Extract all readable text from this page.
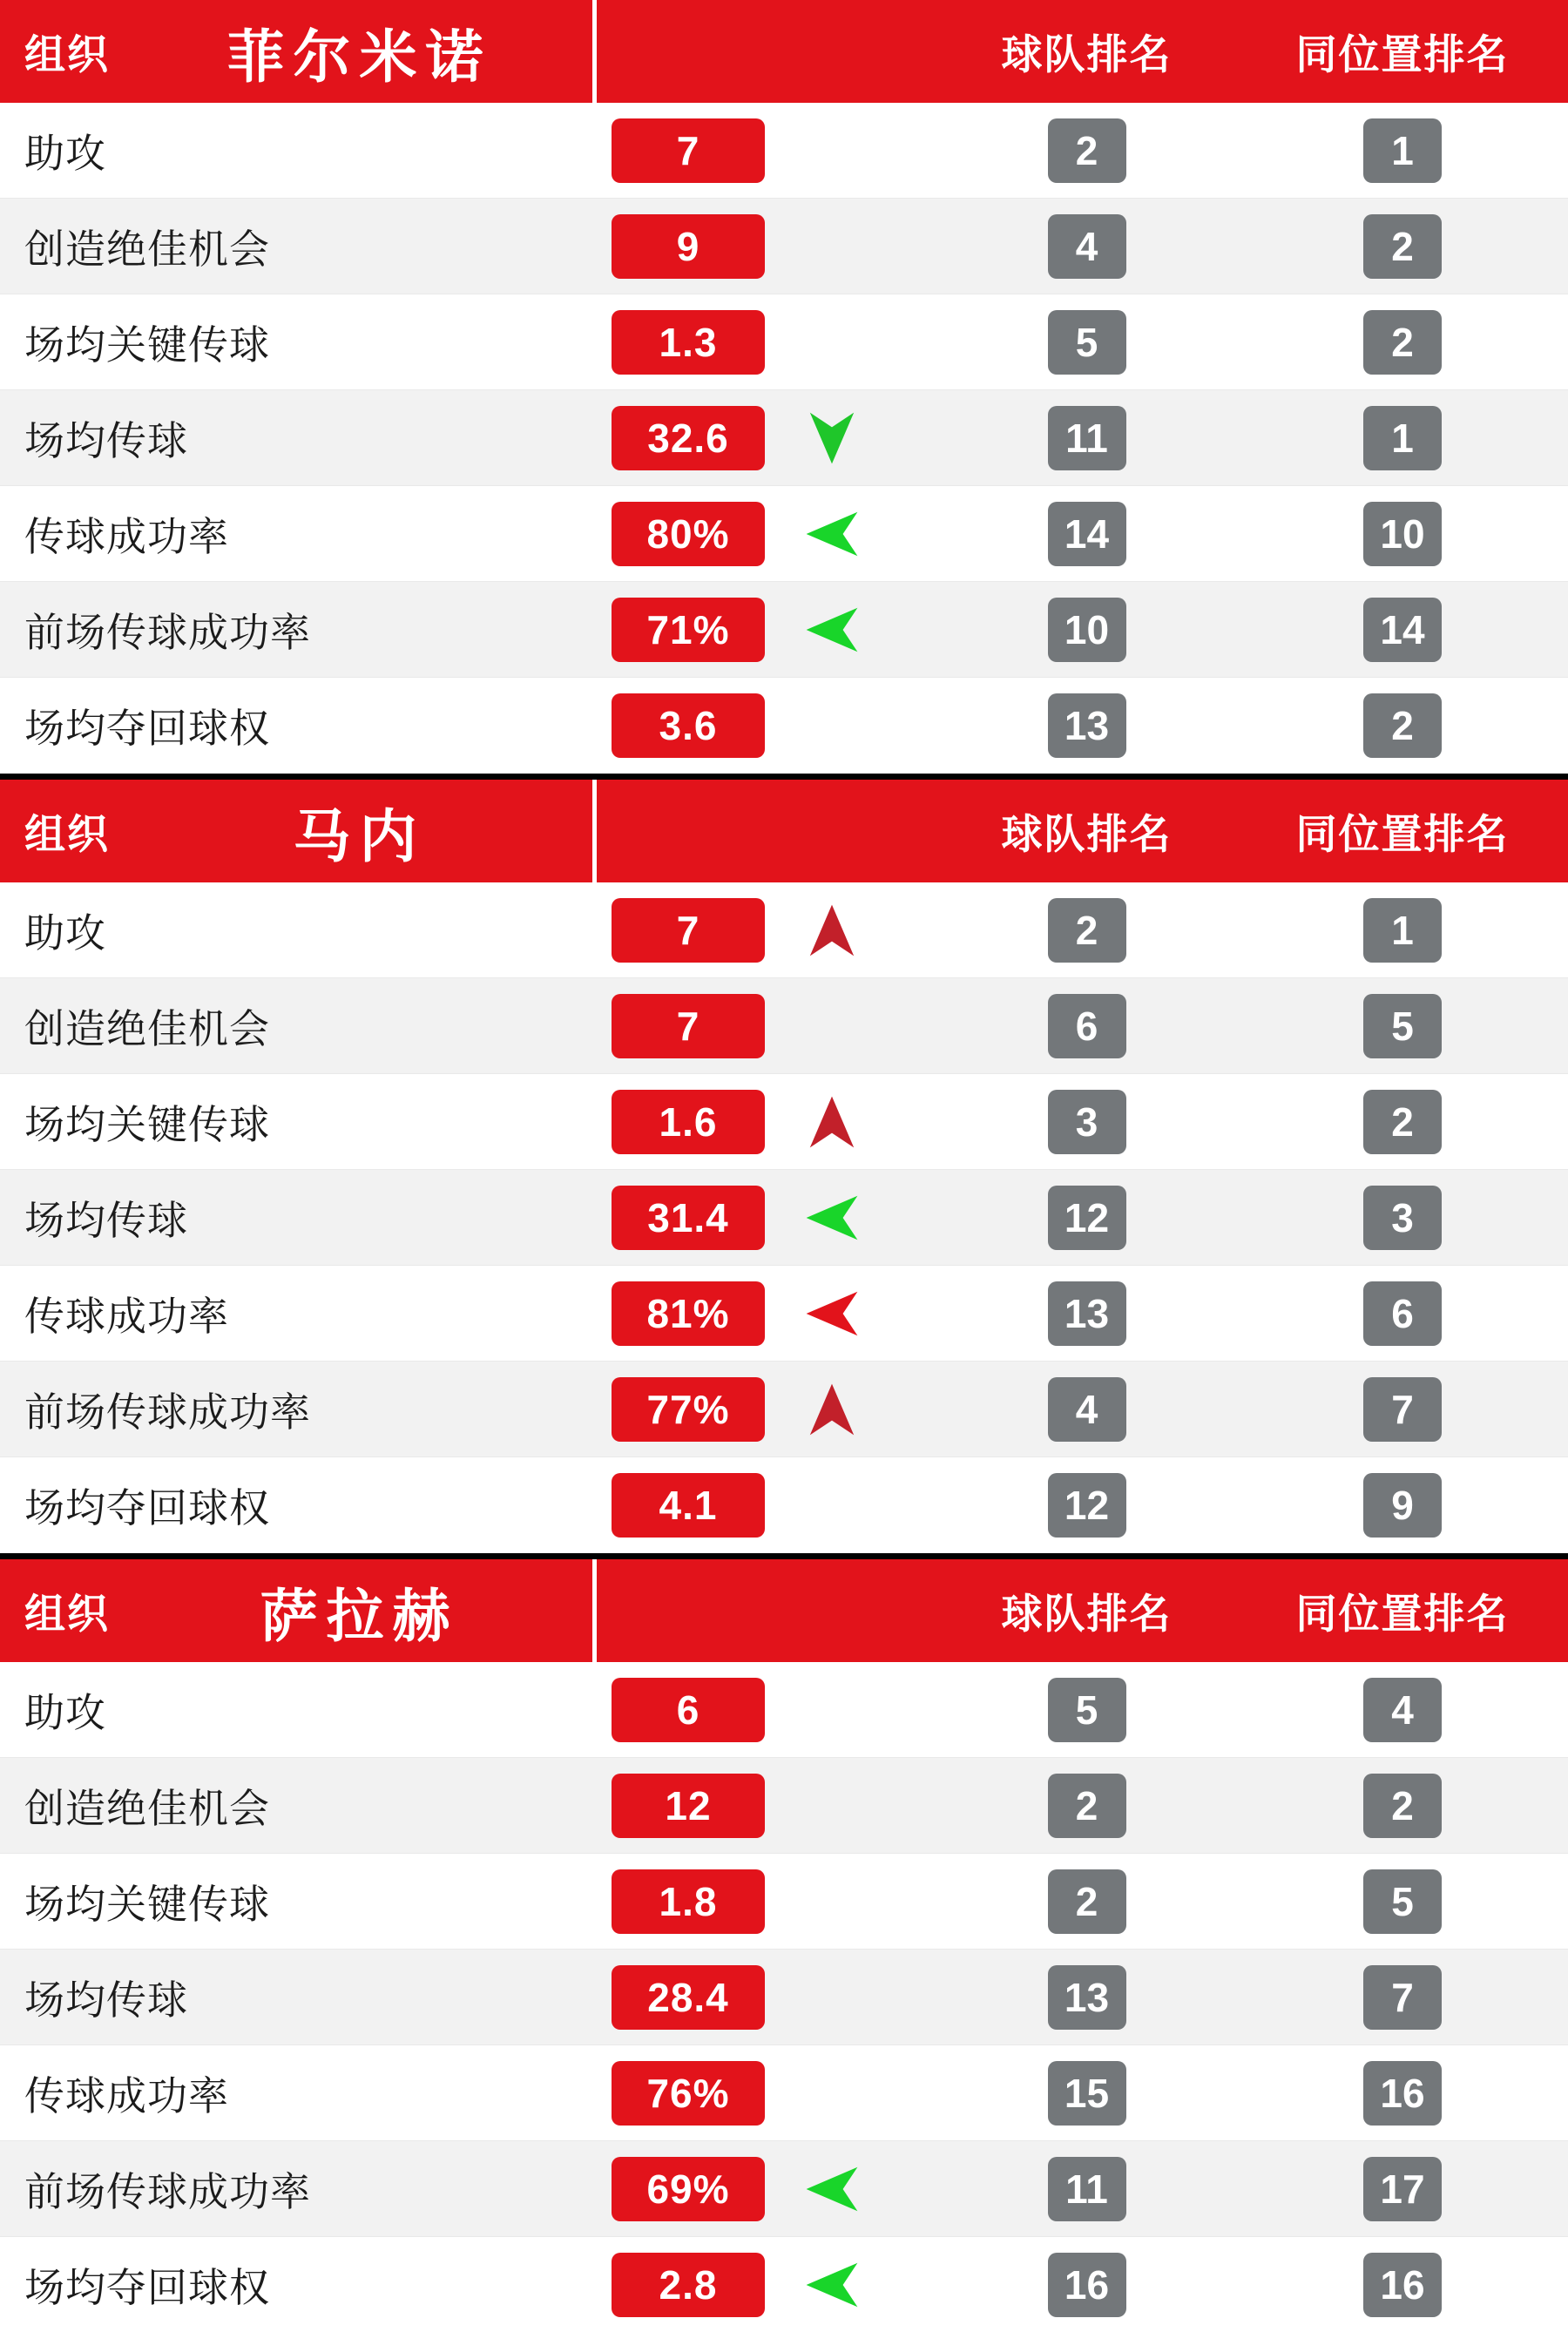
组织	菲尔米诺	球队排名	同位置排名
助攻	7	2	1
创造绝佳机会	9	4	2
场均关键传球	1.3	5	2
场均传球	32.6	11	1
传球成功率	80%	14	10
前场传球成功率	71%	10	14
场均夺回球权	3.6	13	2
组织	马内	球队排名	同位置排名
助攻	7	2	1
创造绝佳机会	7	6	5
场均关键传球	1.6	3	2
场均传球	31.4	12	3
传球成功率	81%	13	6
前场传球成功率	77%	4	7
场均夺回球权	4.1	12	9
组织	萨拉赫	球队排名	同位置排名
助攻	6	5	4
创造绝佳机会	12	2	2
场均关键传球	1.8	2	5
场均传球	28.4	13	7
传球成功率	76%	15	16
前场传球成功率	69%	11	17
场均夺回球权	2.8	16	16
